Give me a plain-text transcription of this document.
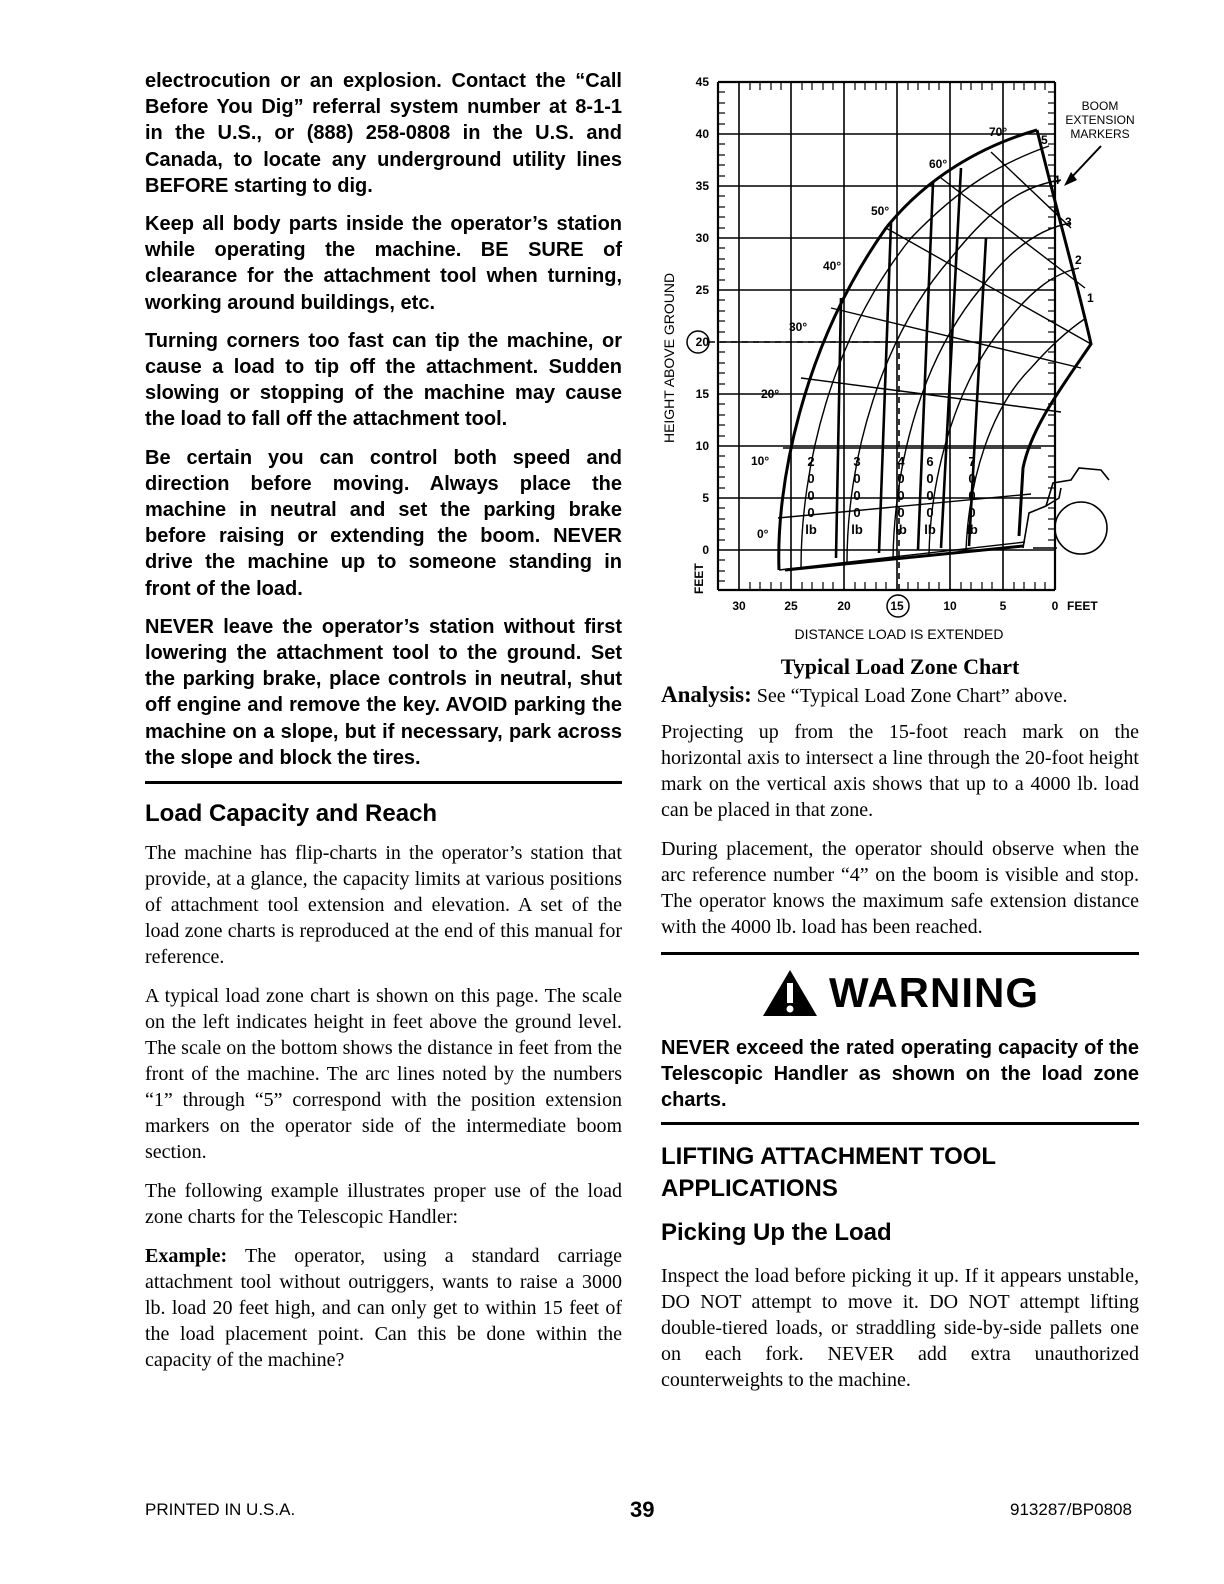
electrocution or an explosion. Contact the “Call Before You Dig” referral system number at 8-1-1 in the U.S., or (888) 258-0808 in the U.S. and Canada, to locate any underground utility lines BEFORE starting to dig.

Keep all body parts inside the operator’s station while operating the machine. BE SURE of clearance for the attachment tool when turning, working around buildings, etc.

Turning corners too fast can tip the machine, or cause a load to tip off the attachment. Sudden slowing or stopping of the machine may cause the load to fall off the attachment tool.

Be certain you can control both speed and direction before moving. Always place the machine in neutral and set the parking brake before raising or extending the boom. NEVER drive the machine up to someone standing in front of the load.

NEVER leave the operator’s station without first lowering the attachment tool to the ground. Set the parking brake, place controls in neutral, shut off engine and remove the key. AVOID parking the machine on a slope, but if necessary, park across the slope and block the tires.

Load Capacity and Reach

The machine has flip-charts in the operator’s station that provide, at a glance, the capacity limits at various positions of attachment tool extension and elevation. A set of the load zone charts is reproduced at the end of this manual for reference.

A typical load zone chart is shown on this page. The scale on the left indicates height in feet above the ground level. The scale on the bottom shows the distance in feet from the front of the machine. The arc lines noted by the numbers “1” through “5” correspond with the position extension markers on the operator side of the intermediate boom section.

The following example illustrates proper use of the load zone charts for the Telescopic Handler:

Example: The operator, using a standard carriage attachment tool without outriggers, wants to raise a 3000 lb. load 20 feet high, and can only get to within 15 feet of the load placement point. Can this be done within the capacity of the machine?

45
40
35
30
25
20
15
10
5
0
FEET
HEIGHT ABOVE GROUND
30	25	20	15	10	5	0 FEET
DISTANCE LOAD IS EXTENDED
0°
10°
20°
30°
40°
50°
60°
70°
1
2
3
4
5
BOOM
EXTENSION
MARKERS
2
0
0
0
lb
3
0
0
0
lb
4
0
0
0
lb
6
0
0
0
lb
7
0
0
0
lb

Typical Load Zone Chart

Analysis: See “Typical Load Zone Chart” above.

Projecting up from the 15-foot reach mark on the horizontal axis to intersect a line through the 20-foot height mark on the vertical axis shows that up to a 4000 lb. load can be placed in that zone.

During placement, the operator should observe when the arc reference number “4” on the boom is visible and stop. The operator knows the maximum safe extension distance with the 4000 lb. load has been reached.

WARNING

NEVER exceed the rated operating capacity of the Telescopic Handler as shown on the load zone charts.

LIFTING ATTACHMENT TOOL APPLICATIONS
Picking Up the Load

Inspect the load before picking it up. If it appears unstable, DO NOT attempt to move it. DO NOT attempt lifting double-tiered loads, or straddling side-by-side pallets one on each fork. NEVER add extra unauthorized counterweights to the machine.

PRINTED IN U.S.A.	39	913287/BP0808
